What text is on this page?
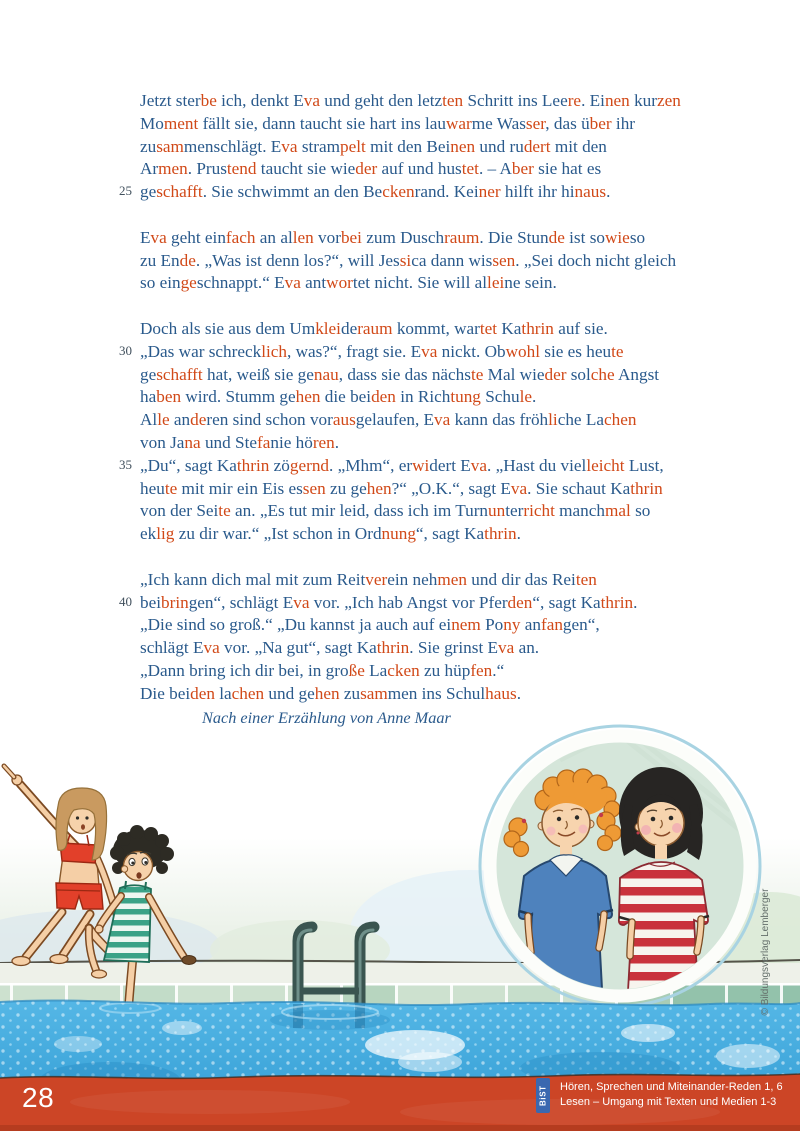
Jetzt sterbe ich, denkt Eva und geht den letzten Schritt ins Leere. Einen kurzen
Moment fällt sie, dann taucht sie hart ins lauwarme Wasser, das über ihr
zusammenschlägt. Eva strampelt mit den Beinen und rudert mit den
Armen. Prustend taucht sie wieder auf und hustet. – Aber sie hat es
25 geschafft. Sie schwimmt an den Beckenrand. Keiner hilft ihr hinaus.
Eva geht einfach an allen vorbei zum Duschraum. Die Stunde ist sowieso
zu Ende. „Was ist denn los?“, will Jessica dann wissen. „Sei doch nicht gleich
so eingeschnappt.“ Eva antwortet nicht. Sie will alleine sein.
Doch als sie aus dem Umkleideraum kommt, wartet Kathrin auf sie.
30 „Das war schrecklich, was?“, fragt sie. Eva nickt. Obwohl sie es heute
geschafft hat, weiß sie genau, dass sie das nächste Mal wieder solche Angst
haben wird. Stumm gehen die beiden in Richtung Schule.
Alle anderen sind schon vorausgelaufen, Eva kann das fröhliche Lachen
von Jana und Stefanie hören.
35 „Du“, sagt Kathrin zögernd. „Mhm“, erwidert Eva. „Hast du vielleicht Lust,
heute mit mir ein Eis essen zu gehen?“ „O.K.“, sagt Eva. Sie schaut Kathrin
von der Seite an. „Es tut mir leid, dass ich im Turnunterricht manchmal so
eklig zu dir war.“ „Ist schon in Ordnung“, sagt Kathrin.
„Ich kann dich mal mit zum Reitverein nehmen und dir das Reiten
40 beibringen“, schlägt Eva vor. „Ich hab Angst vor Pferden“, sagt Kathrin.
„Die sind so groß.“ „Du kannst ja auch auf einem Pony anfangen“,
schlägt Eva vor. „Na gut“, sagt Kathrin. Sie grinst Eva an.
„Dann bring ich dir bei, in große Lacken zu hüpfen.“
Die beiden lachen und gehen zusammen ins Schulhaus.
Nach einer Erzählung von Anne Maar
© Bildungsverlag Lemberger
28	BiST Hören, Sprechen und Miteinander-Reden 1, 6
Lesen – Umgang mit Texten und Medien 1-3
